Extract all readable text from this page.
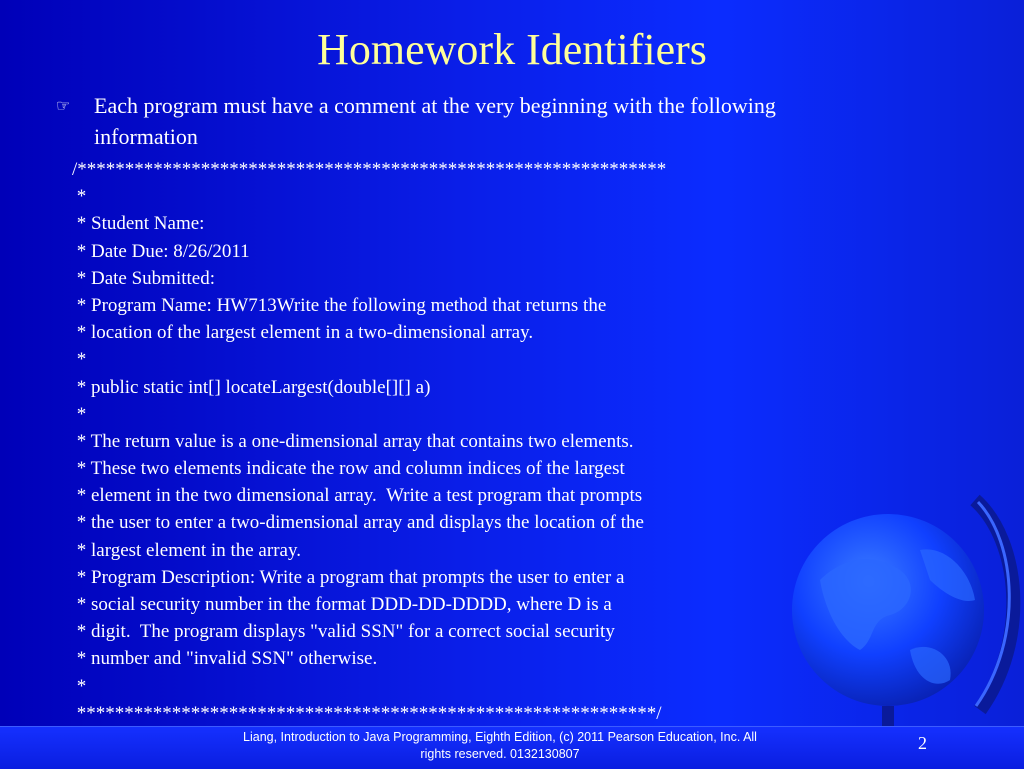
Homework Identifiers
☞	Each program must have a comment at the very beginning with the following
information
/**************************************************************
*
* Student Name:
* Date Due: 8/26/2011
* Date Submitted:
* Program Name: HW713Write the following method that returns the
* location of the largest element in a two-dimensional array.
*
* public static int[] locateLargest(double[][] a)
*
* The return value is a one-dimensional array that contains two elements.
* These two elements indicate the row and column indices of the largest
* element in the two dimensional array.  Write a test program that prompts
* the user to enter a two-dimensional array and displays the location of the
* largest element in the array.
* Program Description: Write a program that prompts the user to enter a
* social security number in the format DDD-DD-DDDD, where D is a
* digit.  The program displays "valid SSN" for a correct social security
* number and "invalid SSN" otherwise.
*
*************************************************************/
Liang, Introduction to Java Programming, Eighth Edition, (c) 2011 Pearson Education, Inc. All
rights reserved. 0132130807
2
